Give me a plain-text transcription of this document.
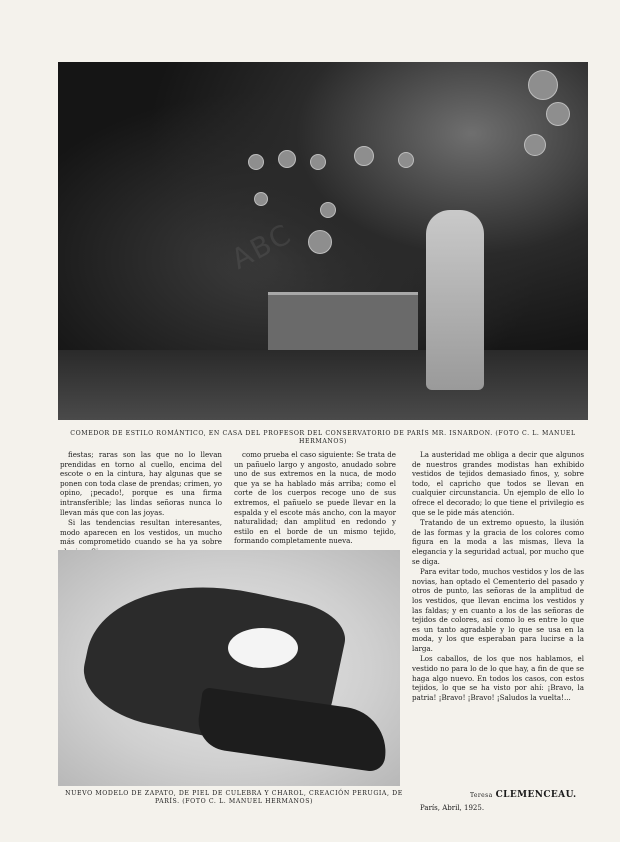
ABC
COMEDOR DE ESTILO ROMÁNTICO, EN CASA DEL PROFESOR DEL CONSERVATORIO DE PARÍS MR. ISNARDON. (FOTO C. L. MANUEL HERMANOS)

fiestas; raras son las que no lo llevan prendidas en torno al cuello, encima del escote o en la cintura, hay algunas que se ponen con toda clase de prendas; crimen, yo opino, ¡pecado!, porque es una firma intransferible; las lindas señoras nunca lo llevan más que con las joyas.

Si las tendencias resultan interesantes, modo aparecen en los vestidos, un mucho más comprometido cuando se ha ya sobre

como prueba el caso siguiente: Se trata de un pañuelo largo y angosto, anudado sobre uno de sus extremos en la nuca, de modo que ya se ha hablado más arriba; como el corte de los cuerpos recoge uno de sus extremos, el pañuelo se puede llevar en la espalda y el escote más ancho, con la mayor naturalidad; dan amplitud en redondo y estilo en el borde de un mismo tejido, formando completamente nueva.

La austeridad me obliga a decir que algunos de nuestros grandes modistas han exhibido vestidos de tejidos demasiado finos, y, sobre todo, el capricho que todos se llevan en cualquier circunstancia. Un ejemplo de ello lo ofrece el decorado; lo que tiene el privilegio es que se le pide más atención.

Tratando de un extremo opuesto, la ilusión de las formas y la gracia de los colores como figura en la moda a las mismas, lleva la elegancia y la seguridad actual, por mucho que se diga.

Para evitar todo, muchos vestidos y los de las novias, han optado el Cementerio del pasado y otros de punto, las señoras de la amplitud de los vestidos, que llevan encima los vestidos y las faldas; y en cuanto a los de las señoras de tejidos de colores, así como lo es entre lo que es un tanto agradable y lo que se usa en la moda, y los que esperaban para lucirse a la larga.

Los caballos, de los que nos hablamos, el vestido no para lo de lo que hay, a fin de que se haga algo nuevo. En todos los casos, con estos tejidos, lo que se ha visto por ahí: ¡Bravo, la patria! ¡Bravo! ¡Bravo! ¡Saludos la vuelta!...

NUEVO MODELO DE ZAPATO, DE PIEL DE CULEBRA Y CHAROL, CREACIÓN PERUGIA, DE PARÍS. (FOTO C. L. MANUEL HERMANOS)
Teresa CLEMENCEAU.
París, Abril, 1925.
